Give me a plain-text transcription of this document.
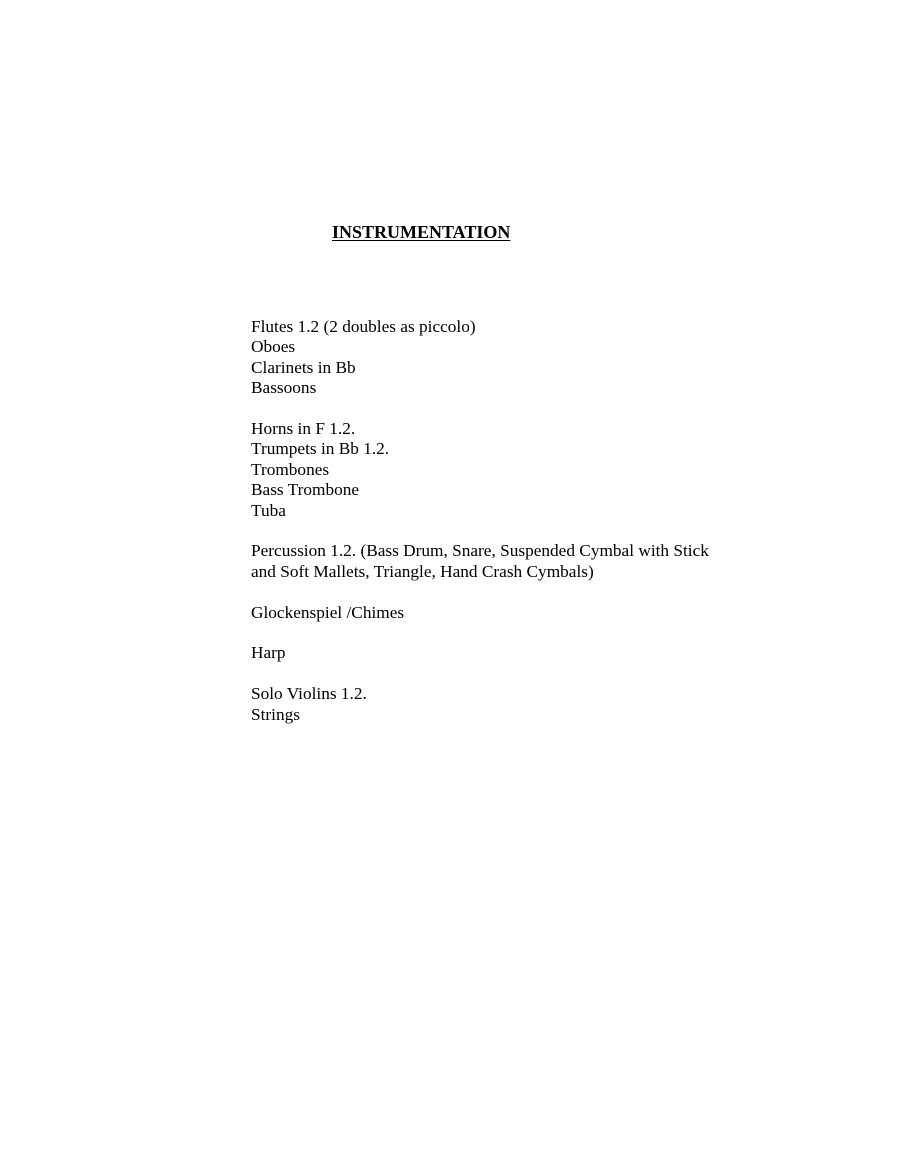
INSTRUMENTATION
Flutes 1.2 (2 doubles as piccolo)
Oboes
Clarinets in Bb
Bassoons
Horns in F 1.2.
Trumpets in Bb 1.2.
Trombones
Bass Trombone
Tuba
Percussion 1.2. (Bass Drum, Snare, Suspended Cymbal with Stick
and Soft Mallets, Triangle, Hand Crash Cymbals)
Glockenspiel /Chimes
Harp
Solo Violins 1.2.
Strings
